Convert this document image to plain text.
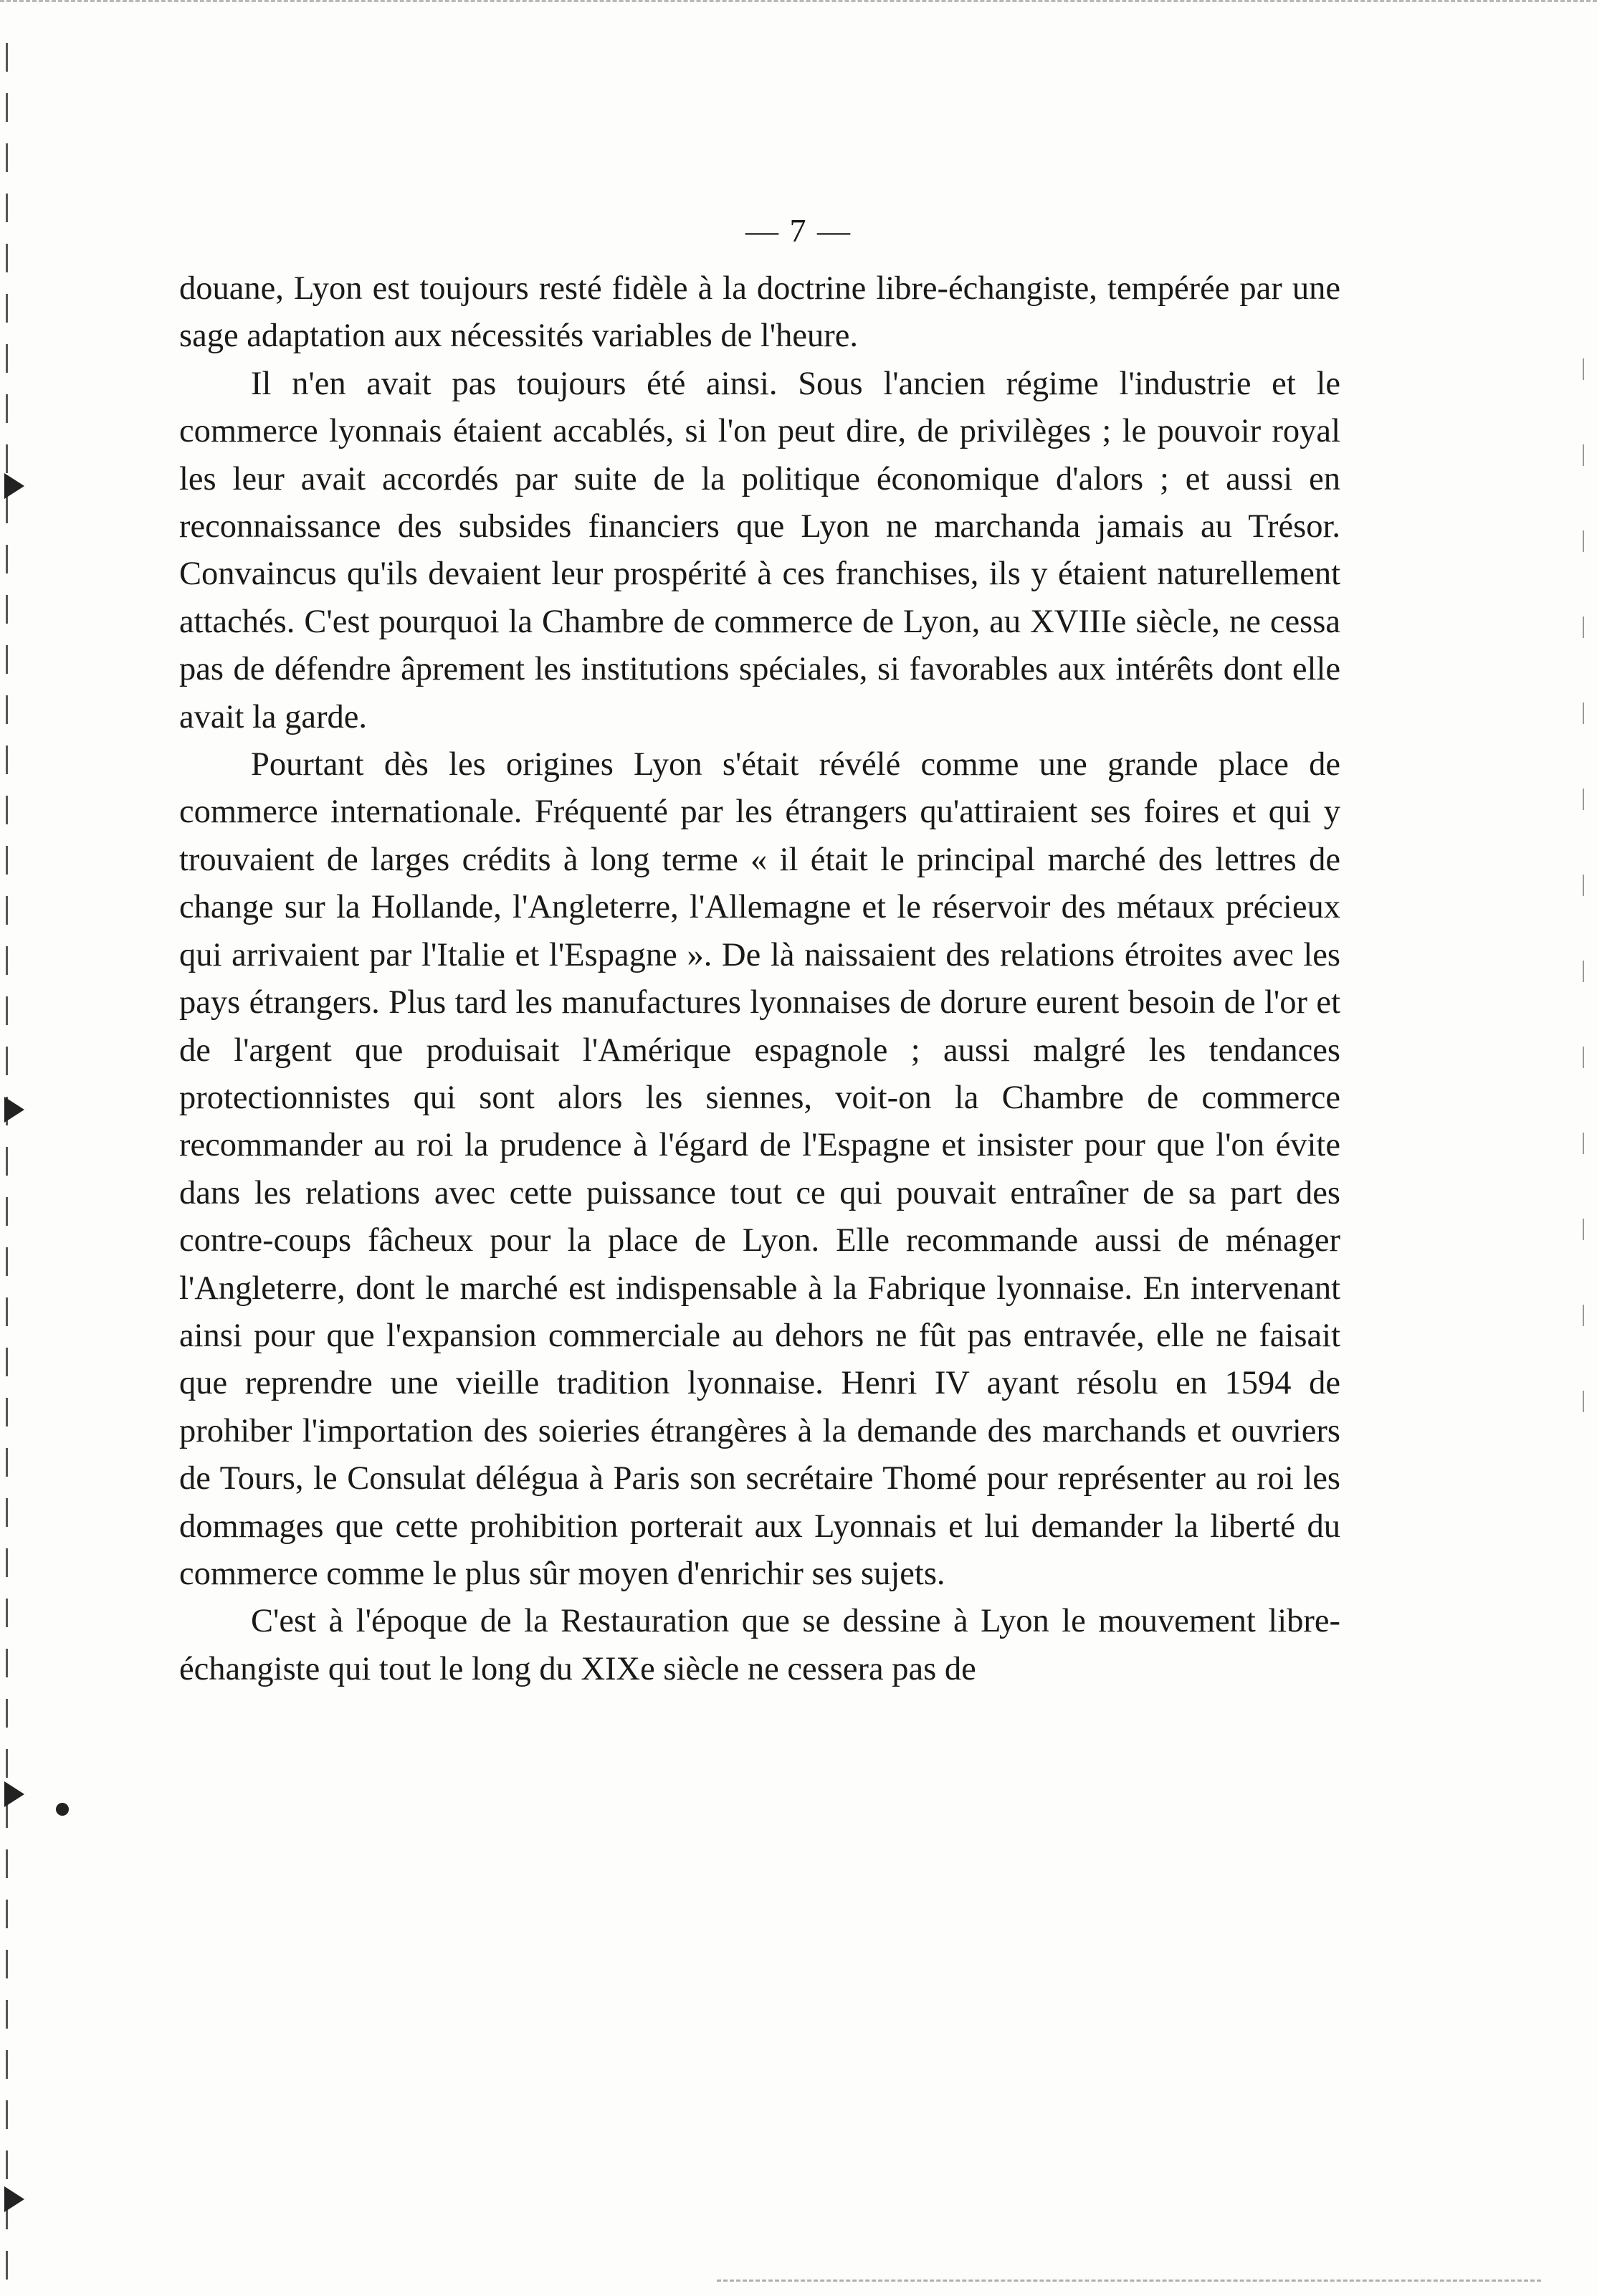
— 7 —

douane, Lyon est toujours resté fidèle à la doctrine libre-échangiste, tempérée par une sage adaptation aux nécessités variables de l'heure.

Il n'en avait pas toujours été ainsi. Sous l'ancien régime l'industrie et le commerce lyonnais étaient accablés, si l'on peut dire, de privilèges ; le pouvoir royal les leur avait accordés par suite de la politique économique d'alors ; et aussi en reconnaissance des subsides financiers que Lyon ne marchanda jamais au Trésor. Convaincus qu'ils devaient leur prospérité à ces franchises, ils y étaient naturellement attachés. C'est pourquoi la Chambre de commerce de Lyon, au XVIIIe siècle, ne cessa pas de défendre âprement les institutions spéciales, si favorables aux intérêts dont elle avait la garde.

Pourtant dès les origines Lyon s'était révélé comme une grande place de commerce internationale. Fréquenté par les étrangers qu'attiraient ses foires et qui y trouvaient de larges crédits à long terme « il était le principal marché des lettres de change sur la Hollande, l'Angleterre, l'Allemagne et le réservoir des métaux précieux qui arrivaient par l'Italie et l'Espagne ». De là naissaient des relations étroites avec les pays étrangers. Plus tard les manufactures lyonnaises de dorure eurent besoin de l'or et de l'argent que produisait l'Amérique espagnole ; aussi malgré les tendances protectionnistes qui sont alors les siennes, voit-on la Chambre de commerce recommander au roi la prudence à l'égard de l'Espagne et insister pour que l'on évite dans les relations avec cette puissance tout ce qui pouvait entraîner de sa part des contre-coups fâcheux pour la place de Lyon. Elle recommande aussi de ménager l'Angleterre, dont le marché est indispensable à la Fabrique lyonnaise. En intervenant ainsi pour que l'expansion commerciale au dehors ne fût pas entravée, elle ne faisait que reprendre une vieille tradition lyonnaise. Henri IV ayant résolu en 1594 de prohiber l'importation des soieries étrangères à la demande des marchands et ouvriers de Tours, le Consulat délégua à Paris son secrétaire Thomé pour représenter au roi les dommages que cette prohibition porterait aux Lyonnais et lui demander la liberté du commerce comme le plus sûr moyen d'enrichir ses sujets.

C'est à l'époque de la Restauration que se dessine à Lyon le mouvement libre-échangiste qui tout le long du XIXe siècle ne cessera pas de
